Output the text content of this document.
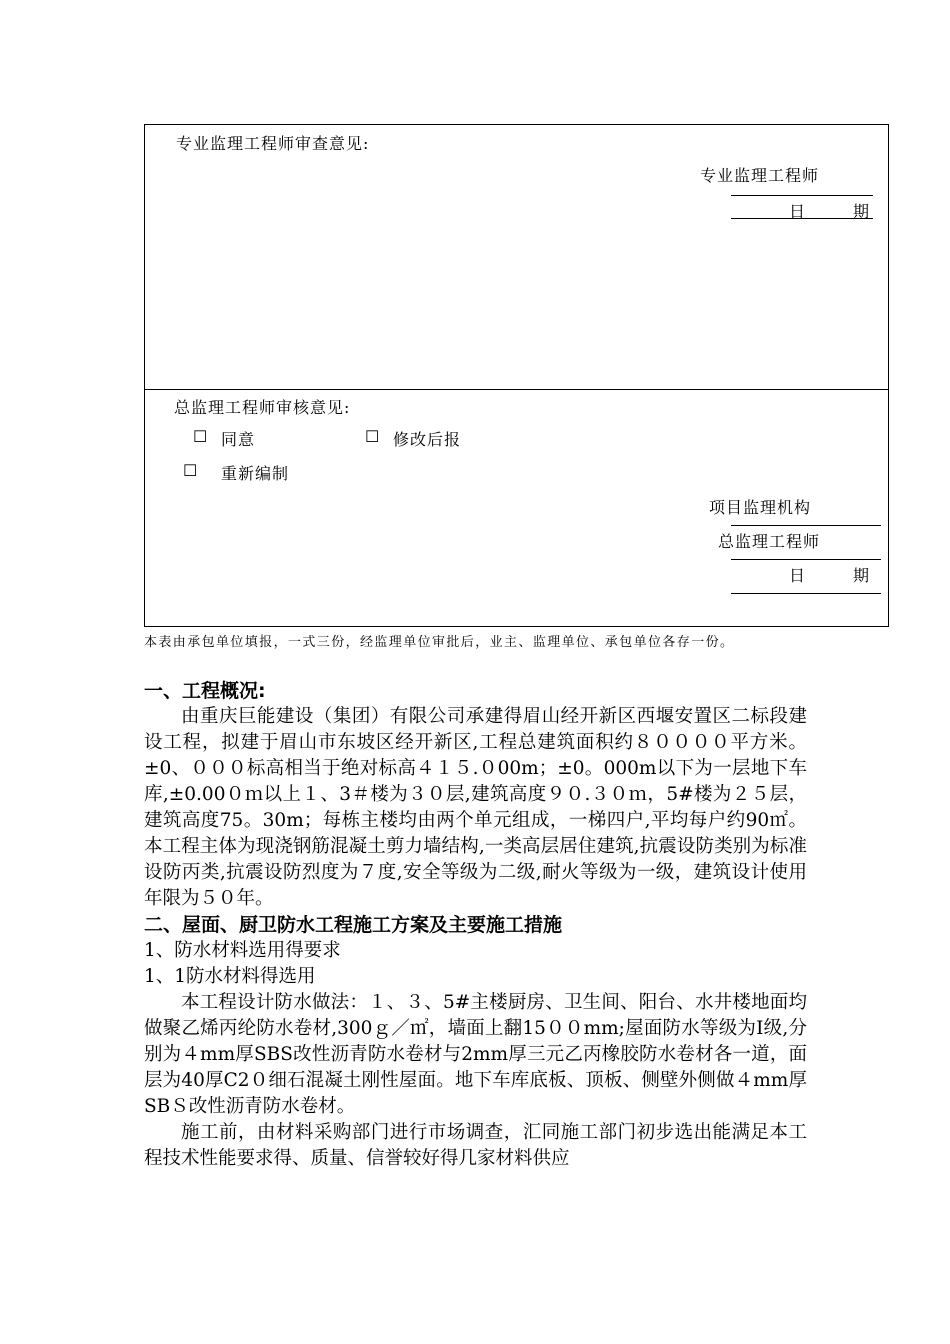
专业监理工程师审查意见:
专业监理工程师
日	期
总监理工程师审核意见:
☐ 同意	☐ 修改后报
☐ 重新编制
项目监理机构
总监理工程师
日	期
本表由承包单位填报，一式三份，经监理单位审批后，业主、监理单位、承包单位各存一份。

一、工程概况:

由重庆巨能建设（集团）有限公司承建得眉山经开新区西堰安置区二标段建设工程，拟建于眉山市东坡区经开新区,工程总建筑面积约８００００平方米。±0、０００标高相当于绝对标高４１５.０00m；±0。000m以下为一层地下车库,±0.00０ｍ以上１、3＃楼为３０层,建筑高度９０.３０ｍ，5#楼为２５层，建筑高度75。30m；每栋主楼均由两个单元组成，一梯四户,平均每户约90㎡。本工程主体为现浇钢筋混凝土剪力墙结构,一类高层居住建筑,抗震设防类别为标准设防丙类,抗震设防烈度为７度,安全等级为二级,耐火等级为一级，建筑设计使用年限为５０年。

二、屋面、厨卫防水工程施工方案及主要施工措施

1、防水材料选用得要求

1、1防水材料得选用

本工程设计防水做法：１、３、5#主楼厨房、卫生间、阳台、水井楼地面均做聚乙烯丙纶防水卷材,300ｇ／㎡，墙面上翻15００mm;屋面防水等级为Ⅰ级,分别为４mm厚SBS改性沥青防水卷材与2mm厚三元乙丙橡胶防水卷材各一道，面层为40厚C2０细石混凝土刚性屋面。地下车库底板、顶板、侧壁外侧做４mm厚SBＳ改性沥青防水卷材。

施工前，由材料采购部门进行市场调查，汇同施工部门初步选出能满足本工程技术性能要求得、质量、信誉较好得几家材料供应
